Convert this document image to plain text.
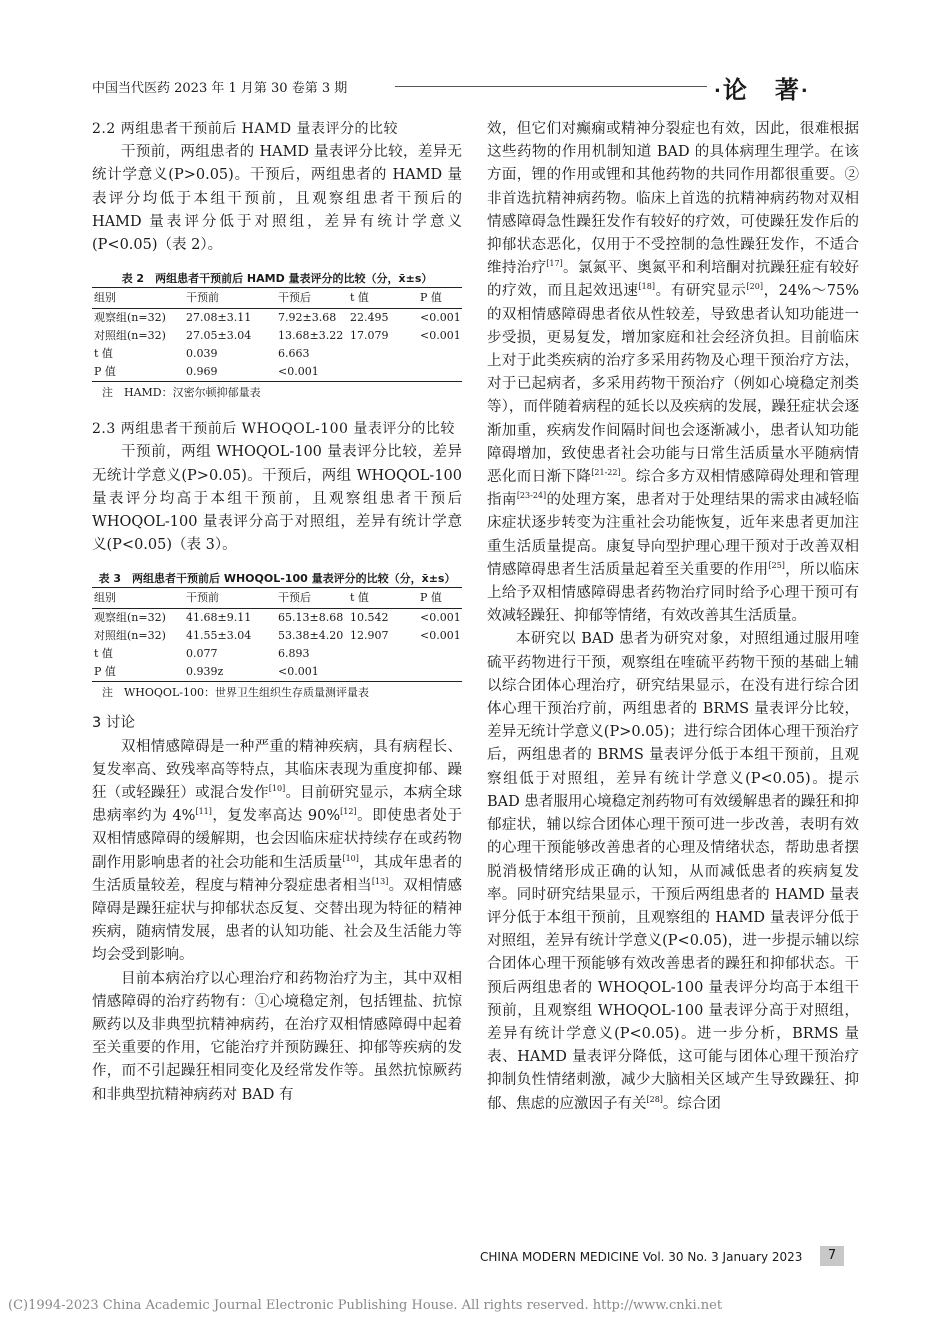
中国当代医药 2023 年 1 月第 30 卷第 3 期	·论　著·
2.2 两组患者干预前后 HAMD 量表评分的比较

干预前，两组患者的 HAMD 量表评分比较，差异无统计学意义(P>0.05)。干预后，两组患者的 HAMD 量表评分均低于本组干预前，且观察组患者干预后的 HAMD 量表评分低于对照组，差异有统计学意义(P<0.05)（表 2）。

表 2　两组患者干预前后 HAMD 量表评分的比较（分，x̄±s）
组别	干预前	干预后	t 值	P 值
观察组(n=32)	27.08±3.11	7.92±3.68	22.495	<0.001
对照组(n=32)	27.05±3.04	13.68±3.22	17.079	<0.001
t 值	0.039	6.663		
P 值	0.969	<0.001		
注　HAMD：汉密尔顿抑郁量表
2.3 两组患者干预前后 WHOQOL-100 量表评分的比较

干预前，两组 WHOQOL-100 量表评分比较，差异无统计学意义(P>0.05)。干预后，两组 WHOQOL-100 量表评分均高于本组干预前，且观察组患者干预后 WHOQOL-100 量表评分高于对照组，差异有统计学意义(P<0.05)（表 3）。

表 3　两组患者干预前后 WHOQOL-100 量表评分的比较（分，x̄±s）
组别	干预前	干预后	t 值	P 值
观察组(n=32)	41.68±9.11	65.13±8.68	10.542	<0.001
对照组(n=32)	41.55±3.04	53.38±4.20	12.907	<0.001
t 值	0.077	6.893		
P 值	0.939z	<0.001		
注　WHOQOL-100：世界卫生组织生存质量测评量表
3 讨论

双相情感障碍是一种严重的精神疾病，具有病程长、复发率高、致残率高等特点，其临床表现为重度抑郁、躁狂（或轻躁狂）或混合发作[10]。目前研究显示，本病全球患病率约为 4%[11]，复发率高达 90%[12]。即使患者处于双相情感障碍的缓解期，也会因临床症状持续存在或药物副作用影响患者的社会功能和生活质量[10]，其成年患者的生活质量较差，程度与精神分裂症患者相当[13]。双相情感障碍是躁狂症状与抑郁状态反复、交替出现为特征的精神疾病，随病情发展，患者的认知功能、社会及生活能力等均会受到影响。

目前本病治疗以心理治疗和药物治疗为主，其中双相情感障碍的治疗药物有：①心境稳定剂，包括锂盐、抗惊厥药以及非典型抗精神病药，在治疗双相情感障碍中起着至关重要的作用，它能治疗并预防躁狂、抑郁等疾病的发作，而不引起躁狂相同变化及经常发作等。虽然抗惊厥药和非典型抗精神病药对 BAD 有

效，但它们对癫痫或精神分裂症也有效，因此，很难根据这些药物的作用机制知道 BAD 的具体病理生理学。在该方面，锂的作用或锂和其他药物的共同作用都很重要。②非首选抗精神病药物。临床上首选的抗精神病药物对双相情感障碍急性躁狂发作有较好的疗效，可使躁狂发作后的抑郁状态恶化，仅用于不受控制的急性躁狂发作，不适合维持治疗[17]。氯氮平、奥氮平和利培酮对抗躁狂症有较好的疗效，而且起效迅速[18]。有研究显示[20]，24%～75%的双相情感障碍患者依从性较差，导致患者认知功能进一步受损，更易复发，增加家庭和社会经济负担。目前临床上对于此类疾病的治疗多采用药物及心理干预治疗方法，对于已起病者，多采用药物干预治疗（例如心境稳定剂类等），而伴随着病程的延长以及疾病的发展，躁狂症状会逐渐加重，疾病发作间隔时间也会逐渐减小，患者认知功能障碍增加，致使患者社会功能与日常生活质量水平随病情恶化而日渐下降[21-22]。综合多方双相情感障碍处理和管理指南[23-24]的处理方案，患者对于处理结果的需求由减轻临床症状逐步转变为注重社会功能恢复，近年来患者更加注重生活质量提高。康复导向型护理心理干预对于改善双相情感障碍患者生活质量起着至关重要的作用[25]，所以临床上给予双相情感障碍患者药物治疗同时给予心理干预可有效减轻躁狂、抑郁等情绪，有效改善其生活质量。

本研究以 BAD 患者为研究对象，对照组通过服用喹硫平药物进行干预，观察组在喹硫平药物干预的基础上辅以综合团体心理治疗，研究结果显示，在没有进行综合团体心理干预治疗前，两组患者的 BRMS 量表评分比较，差异无统计学意义(P>0.05)；进行综合团体心理干预治疗后，两组患者的 BRMS 量表评分低于本组干预前，且观察组低于对照组，差异有统计学意义(P<0.05)。提示 BAD 患者服用心境稳定剂药物可有效缓解患者的躁狂和抑郁症状，辅以综合团体心理干预可进一步改善，表明有效的心理干预能够改善患者的心理及情绪状态，帮助患者摆脱消极情绪形成正确的认知，从而减低患者的疾病复发率。同时研究结果显示，干预后两组患者的 HAMD 量表评分低于本组干预前，且观察组的 HAMD 量表评分低于对照组，差异有统计学意义(P<0.05)，进一步提示辅以综合团体心理干预能够有效改善患者的躁狂和抑郁状态。干预后两组患者的 WHOQOL-100 量表评分均高于本组干预前，且观察组 WHOQOL-100 量表评分高于对照组，差异有统计学意义(P<0.05)。进一步分析，BRMS 量表、HAMD 量表评分降低，这可能与团体心理干预治疗抑制负性情绪刺激，减少大脑相关区域产生导致躁狂、抑郁、焦虑的应激因子有关[28]。综合团

CHINA MODERN MEDICINE Vol. 30 No. 3 January 2023	7
(C)1994-2023 China Academic Journal Electronic Publishing House. All rights reserved. http://www.cnki.net
